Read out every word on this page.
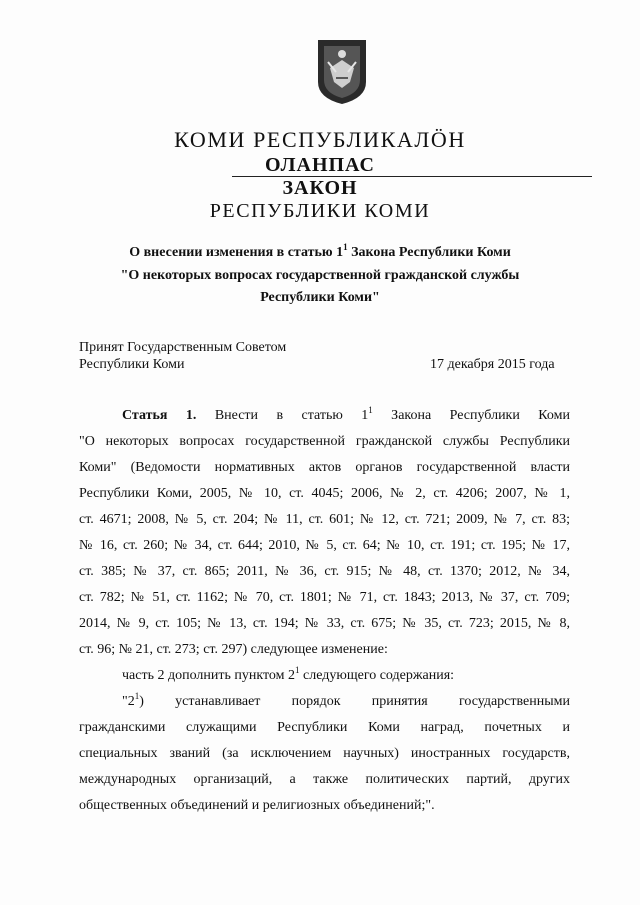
КОМИ РЕСПУБЛИКАЛӦН
ОЛАНПАС
ЗАКОН
РЕСПУБЛИКИ КОМИ
О внесении изменения в статью $1^1$ Закона Республики Коми
"О некоторых вопросах государственной гражданской службы
Республики Коми"
Принят Государственным Советом
Республики Коми	17 декабря 2015 года
Статья 1. Внести в статью $1^1$ Закона Республики Коми
"О некоторых вопросах государственной гражданской службы Республики
Коми" (Ведомости нормативных актов органов государственной власти
Республики Коми, 2005, № 10, ст. 4045; 2006, № 2, ст. 4206; 2007, № 1,
ст. 4671; 2008, № 5, ст. 204; № 11, ст. 601; № 12, ст. 721; 2009, № 7, ст. 83;
№ 16, ст. 260; № 34, ст. 644; 2010, № 5, ст. 64; № 10, ст. 191; ст. 195; № 17,
ст. 385; № 37, ст. 865; 2011, № 36, ст. 915; № 48, ст. 1370; 2012, № 34,
ст. 782; № 51, ст. 1162; № 70, ст. 1801; № 71, ст. 1843; 2013, № 37, ст. 709;
2014, № 9, ст. 105; № 13, ст. 194; № 33, ст. 675; № 35, ст. 723; 2015, № 8,
ст. 96; № 21, ст. 273; ст. 297) следующее изменение:
часть 2 дополнить пунктом $2^1$ следующего содержания:
"$2^1$) устанавливает порядок принятия государственными
гражданскими служащими Республики Коми наград, почетных и
специальных званий (за исключением научных) иностранных государств,
международных организаций, а также политических партий, других
общественных объединений и религиозных объединений;".
